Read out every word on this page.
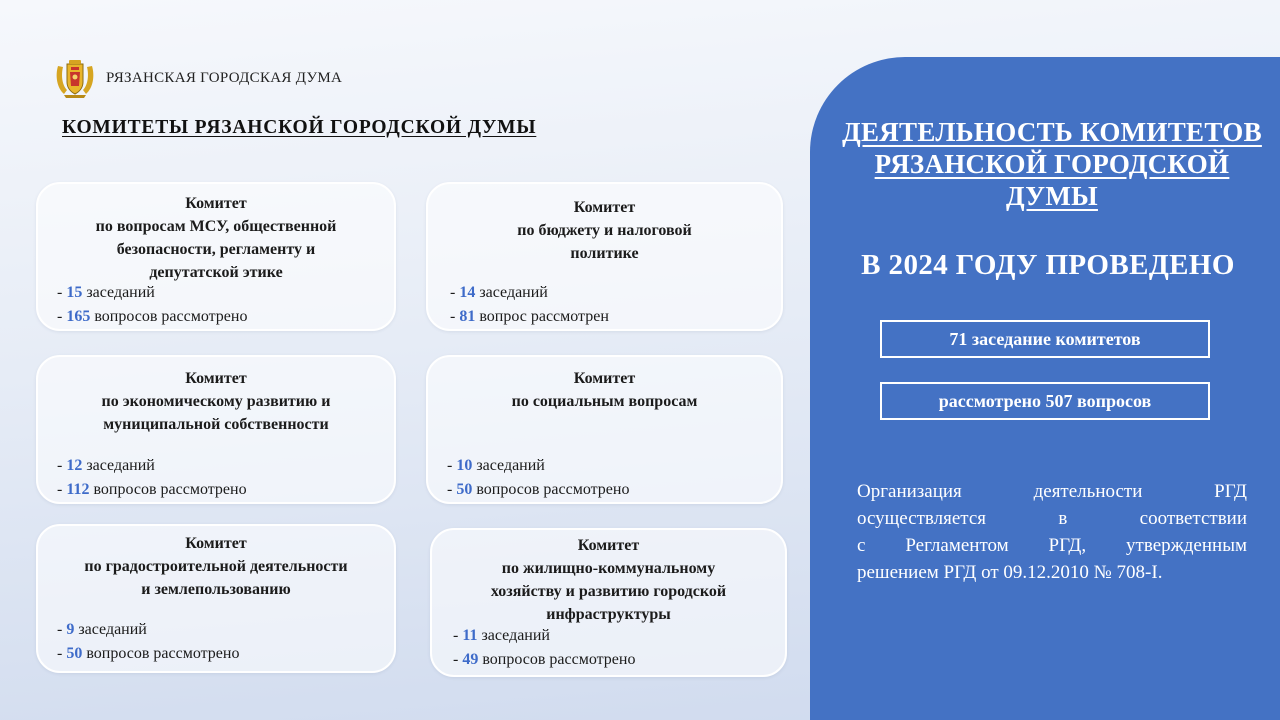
РЯЗАНСКАЯ ГОРОДСКАЯ ДУМА
КОМИТЕТЫ РЯЗАНСКОЙ ГОРОДСКОЙ ДУМЫ
Комитет
по вопросам МСУ, общественной
безопасности, регламенту и
депутатской этике
Комитет
по бюджету и налоговой
политике
Комитет
по экономическому развитию и
муниципальной собственности
Комитет
по социальным вопросам
Комитет
по градостроительной деятельности
и землепользованию
Комитет
по жилищно-коммунальному
хозяйству и развитию городской
инфраструктуры
- 15 заседаний
- 165 вопросов рассмотрено
- 14 заседаний
- 81 вопрос рассмотрен
- 12 заседаний
- 112 вопросов рассмотрено
- 10 заседаний
- 50 вопросов рассмотрено
- 9 заседаний
- 50 вопросов рассмотрено
- 11 заседаний
- 49 вопросов рассмотрено
ДЕЯТЕЛЬНОСТЬ КОМИТЕТОВ
РЯЗАНСКОЙ ГОРОДСКОЙ
ДУМЫ
В 2024 ГОДУ ПРОВЕДЕНО
71 заседание комитетов
рассмотрено 507 вопросов
Организация деятельности РГД
осуществляется в соответствии
с Регламентом РГД, утвержденным
решением РГД от 09.12.2010 № 708-I.
